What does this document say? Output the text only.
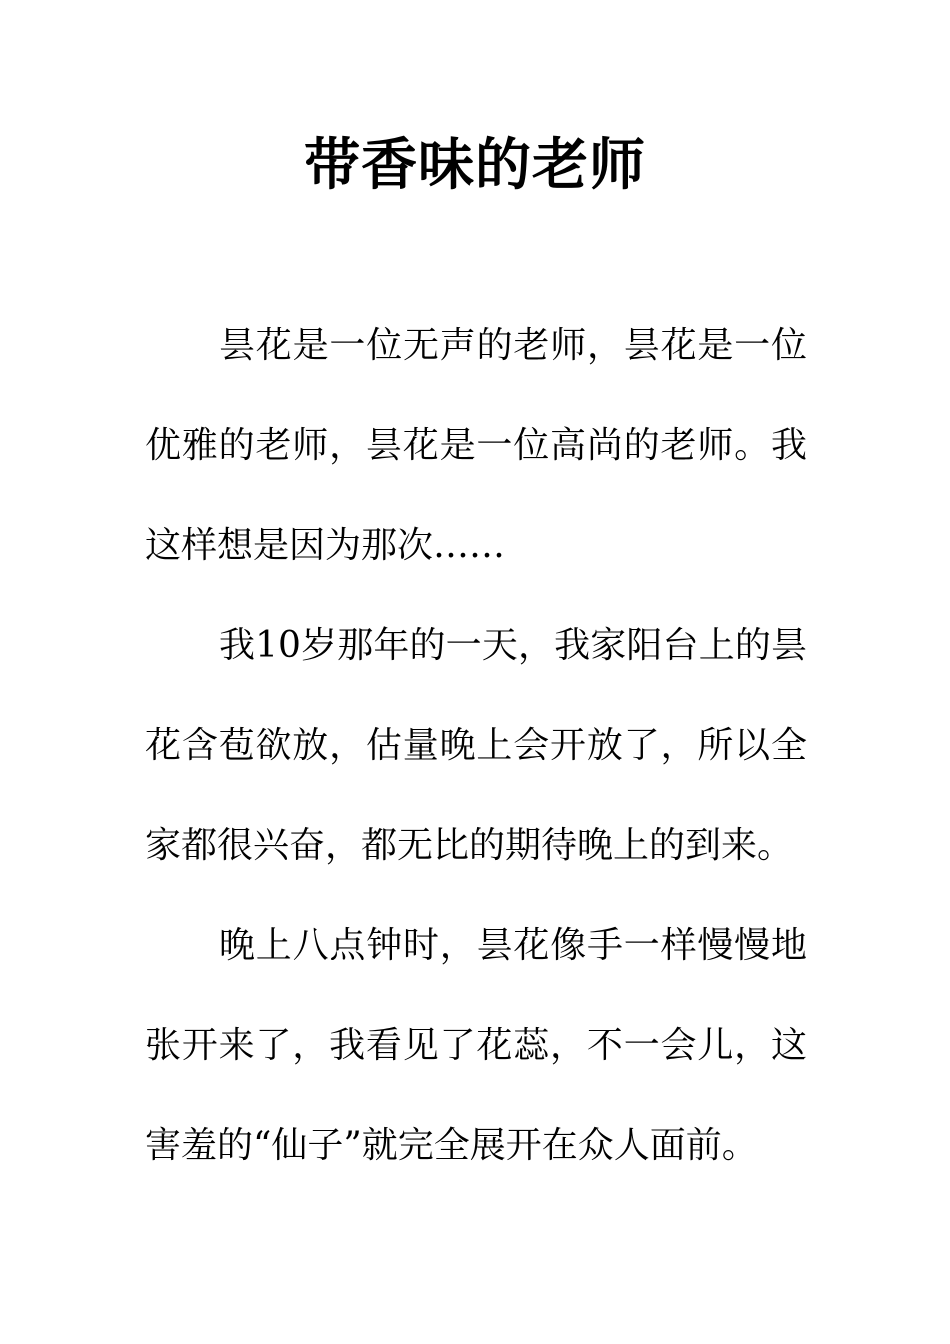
带香味的老师

昙花是一位无声的老师，昙花是一位优雅的老师，昙花是一位高尚的老师。我这样想是因为那次……

我10岁那年的一天，我家阳台上的昙花含苞欲放，估量晚上会开放了，所以全家都很兴奋，都无比的期待晚上的到来。

晚上八点钟时，昙花像手一样慢慢地张开来了，我看见了花蕊，不一会儿，这害羞的“仙子”就完全展开在众人面前。
